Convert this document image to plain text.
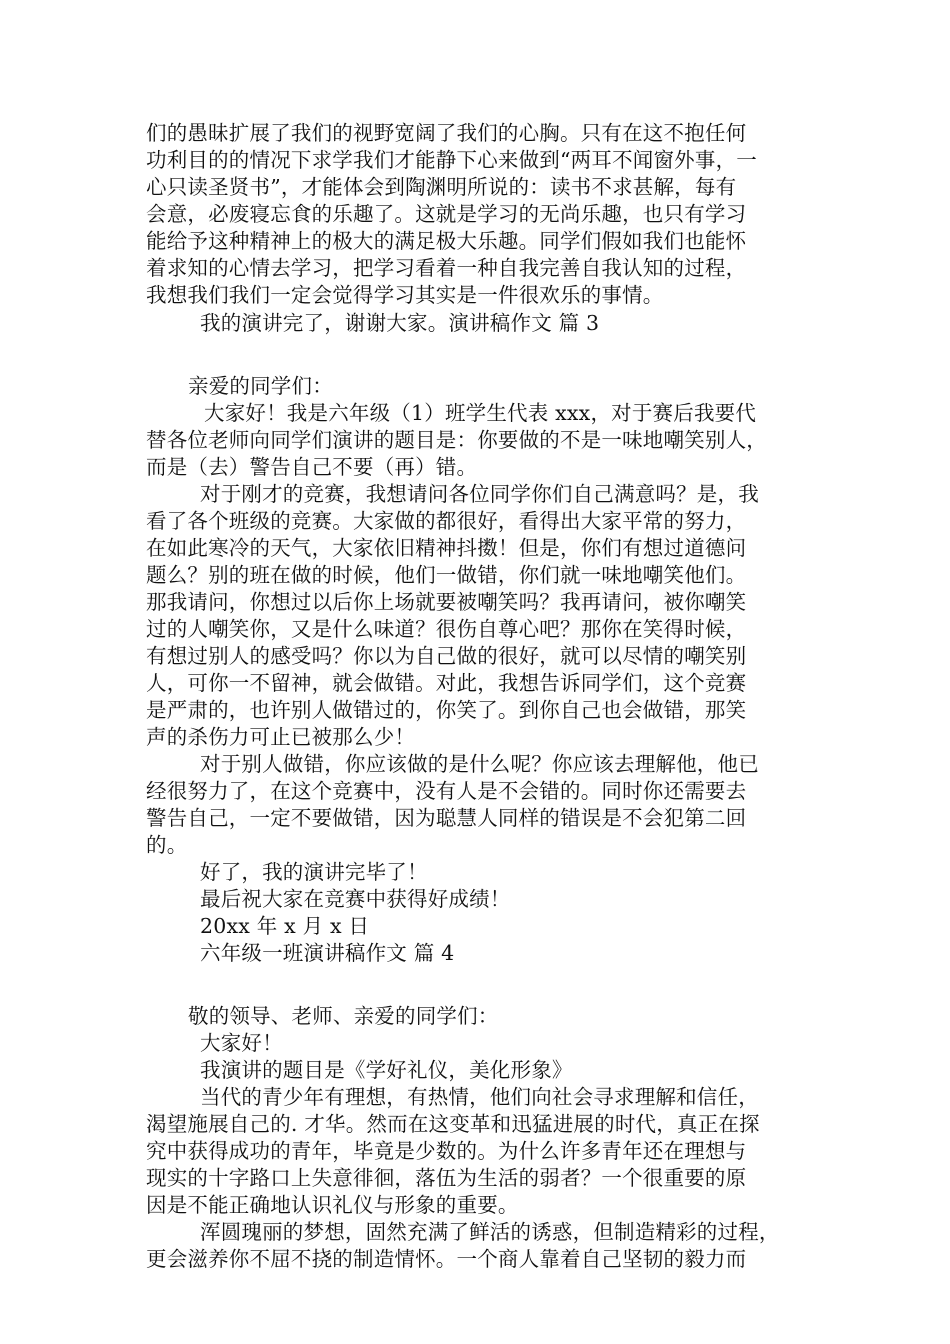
们的愚昧扩展了我们的视野宽阔了我们的心胸。只有在这不抱任何
功利目的的情况下求学我们才能静下心来做到“两耳不闻窗外事，一
心只读圣贤书”，才能体会到陶渊明所说的：读书不求甚解，每有
会意，必废寝忘食的乐趣了。这就是学习的无尚乐趣，也只有学习
能给予这种精神上的极大的满足极大乐趣。同学们假如我们也能怀
着求知的心情去学习，把学习看着一种自我完善自我认知的过程，
我想我们我们一定会觉得学习其实是一件很欢乐的事情。
我的演讲完了，谢谢大家。演讲稿作文 篇 3
亲爱的同学们：
大家好！我是六年级（1）班学生代表 xxx，对于赛后我要代
替各位老师向同学们演讲的题目是：你要做的不是一味地嘲笑别人，
而是（去）警告自己不要（再）错。
对于刚才的竞赛，我想请问各位同学你们自己满意吗？是，我
看了各个班级的竞赛。大家做的都很好，看得出大家平常的努力，
在如此寒冷的天气，大家依旧精神抖擞！但是，你们有想过道德问
题么？别的班在做的时候，他们一做错，你们就一味地嘲笑他们。
那我请问，你想过以后你上场就要被嘲笑吗？我再请问，被你嘲笑
过的人嘲笑你，又是什么味道？很伤自尊心吧？那你在笑得时候，
有想过别人的感受吗？你以为自己做的很好，就可以尽情的嘲笑别
人，可你一不留神，就会做错。对此，我想告诉同学们，这个竞赛
是严肃的，也许别人做错过的，你笑了。到你自己也会做错，那笑
声的杀伤力可止已被那么少！
对于别人做错，你应该做的是什么呢？你应该去理解他，他已
经很努力了，在这个竞赛中，没有人是不会错的。同时你还需要去
警告自己，一定不要做错，因为聪慧人同样的错误是不会犯第二回
的。
好了，我的演讲完毕了！
最后祝大家在竞赛中获得好成绩！
20xx 年 x 月 x 日
六年级一班演讲稿作文 篇 4
敬的领导、老师、亲爱的同学们：
大家好！
我演讲的题目是《学好礼仪，美化形象》
当代的青少年有理想，有热情，他们向社会寻求理解和信任，
渴望施展自己的. 才华。然而在这变革和迅猛进展的时代，真正在探
究中获得成功的青年，毕竟是少数的。为什么许多青年还在理想与
现实的十字路口上失意徘徊，落伍为生活的弱者？一个很重要的原
因是不能正确地认识礼仪与形象的重要。
浑圆瑰丽的梦想，固然充满了鲜活的诱惑，但制造精彩的过程，
更会滋养你不屈不挠的制造情怀。一个商人靠着自己坚韧的毅力而
